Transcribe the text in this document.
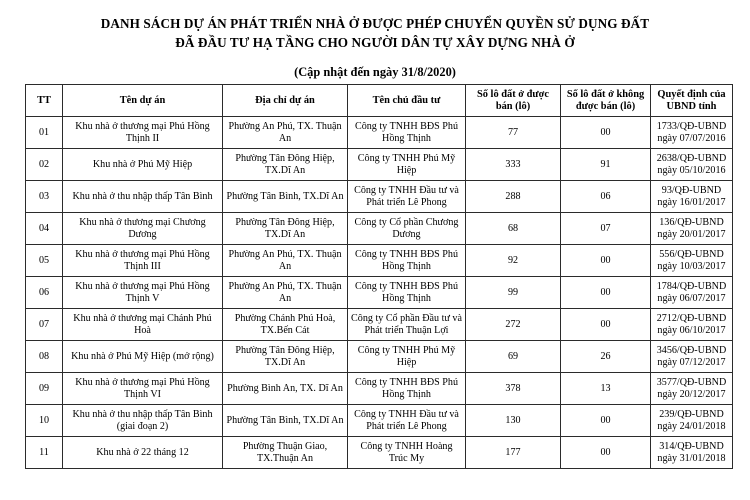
DANH SÁCH DỰ ÁN PHÁT TRIỂN NHÀ Ở ĐƯỢC PHÉP CHUYỂN QUYỀN SỬ DỤNG ĐẤT
ĐÃ ĐẦU TƯ HẠ TẦNG CHO NGƯỜI DÂN TỰ XÂY DỰNG NHÀ Ở
(Cập nhật đến ngày 31/8/2020)
TT	Tên dự án	Địa chỉ dự án	Tên chủ đầu tư	Số lô đất ở được bán (lô)	Số lô đất ở không được bán (lô)	Quyết định của UBND tỉnh
01	Khu nhà ở thương mại Phú Hồng Thịnh II	Phường An Phú, TX. Thuận An	Công ty TNHH BĐS Phú Hồng Thịnh	77	00	1733/QĐ-UBND ngày 07/07/2016
02	Khu nhà ở Phú Mỹ Hiệp	Phường Tân Đông Hiệp, TX.Dĩ An	Công ty TNHH Phú Mỹ Hiệp	333	91	2638/QĐ-UBND ngày 05/10/2016
03	Khu nhà ở thu nhập thấp Tân Bình	Phường Tân Bình, TX.Dĩ An	Công ty TNHH Đầu tư và Phát triển Lê Phong	288	06	93/QĐ-UBND ngày 16/01/2017
04	Khu nhà ở thương mại Chương Dương	Phường Tân Đông Hiệp, TX.Dĩ An	Công ty Cổ phần Chương Dương	68	07	136/QĐ-UBND ngày 20/01/2017
05	Khu nhà ở thương mại Phú Hồng Thịnh III	Phường An Phú, TX. Thuận An	Công ty TNHH BĐS Phú Hồng Thịnh	92	00	556/QĐ-UBND ngày 10/03/2017
06	Khu nhà ở thương mại Phú Hồng Thịnh V	Phường An Phú, TX. Thuận An	Công ty TNHH BĐS Phú Hồng Thịnh	99	00	1784/QĐ-UBND ngày 06/07/2017
07	Khu nhà ở thương mại Chánh Phú Hoà	Phường Chánh Phú Hoà, TX.Bến Cát	Công ty Cổ phần Đầu tư và Phát triển Thuận Lợi	272	00	2712/QĐ-UBND ngày 06/10/2017
08	Khu nhà ở Phú Mỹ Hiệp (mở rộng)	Phường Tân Đông Hiệp, TX.Dĩ An	Công ty TNHH Phú Mỹ Hiệp	69	26	3456/QĐ-UBND ngày 07/12/2017
09	Khu nhà ở thương mại Phú Hồng Thịnh VI	Phường Bình An, TX. Dĩ An	Công ty TNHH BĐS Phú Hồng Thịnh	378	13	3577/QĐ-UBND ngày 20/12/2017
10	Khu nhà ở thu nhập thấp Tân Bình (giai đoạn 2)	Phường Tân Bình, TX.Dĩ An	Công ty TNHH Đầu tư và Phát triển Lê Phong	130	00	239/QĐ-UBND ngày 24/01/2018
11	Khu nhà ở 22 tháng 12	Phường Thuận Giao, TX.Thuận An	Công ty TNHH Hoàng Trúc My	177	00	314/QĐ-UBND ngày 31/01/2018
